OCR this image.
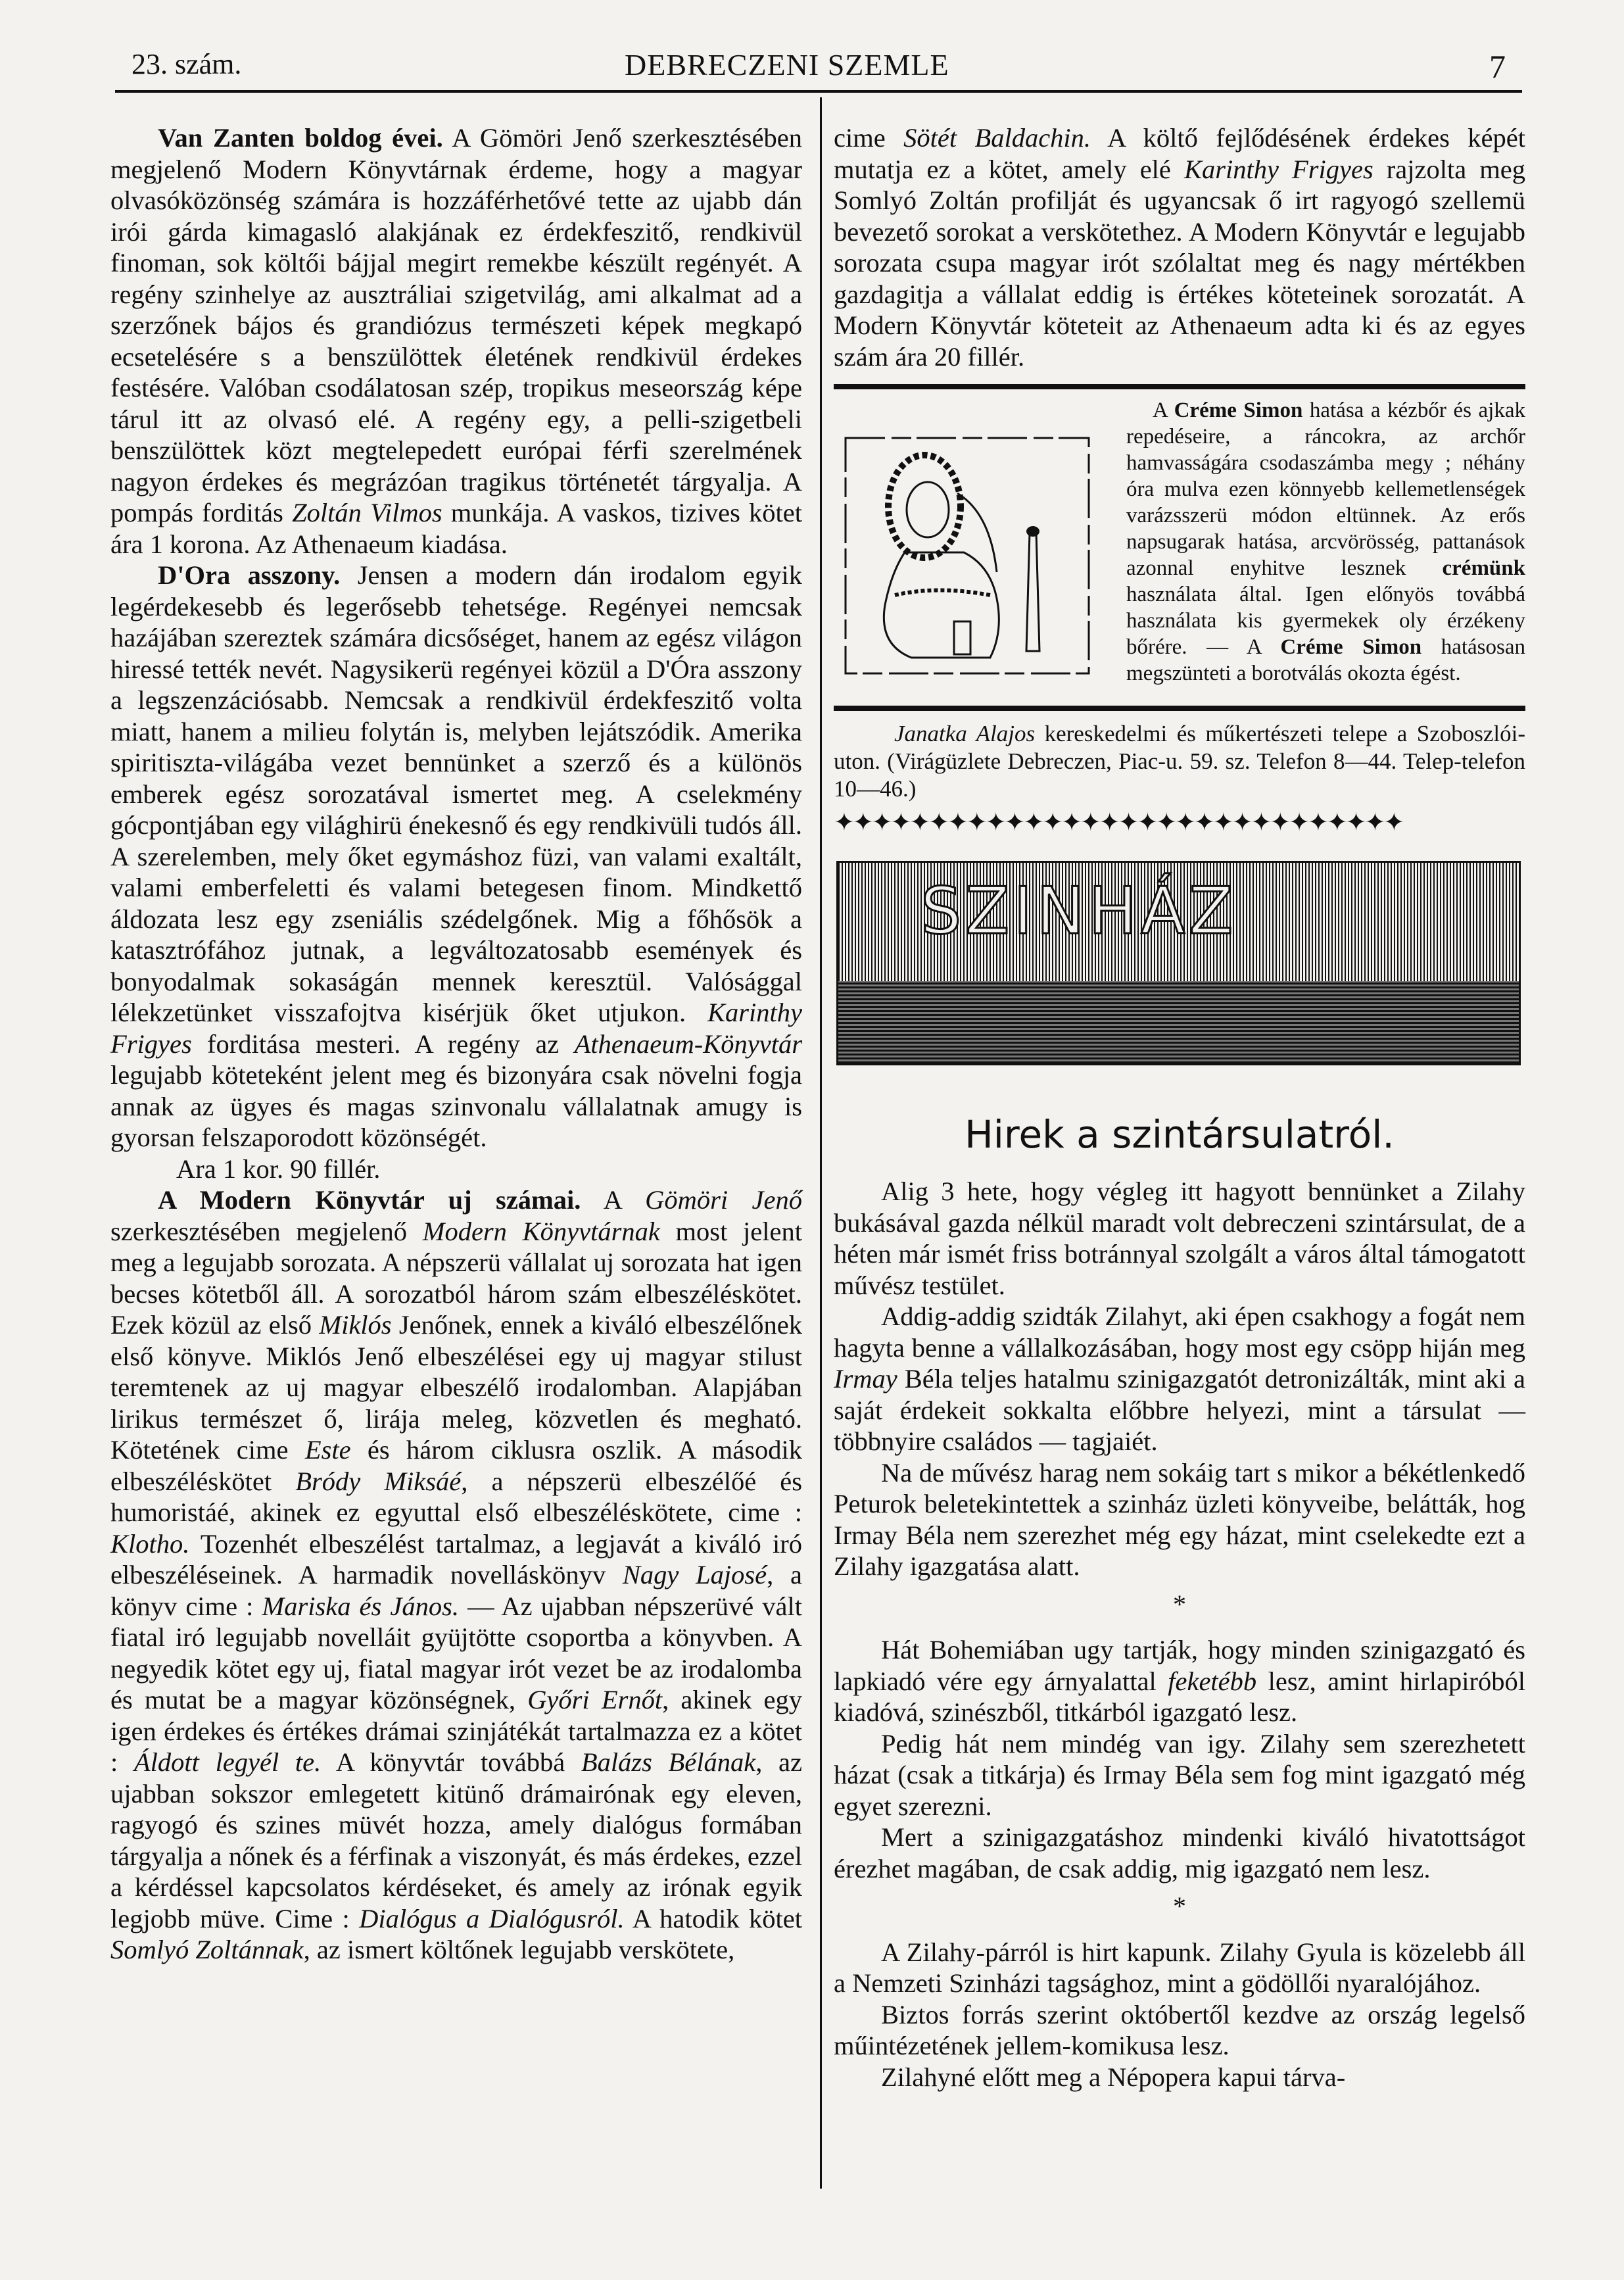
23. szám.	DEBRECZENI SZEMLE	7

Van Zanten boldog évei. A Gömöri Jenő szerkesztésében megjelenő Modern Könyvtárnak érdeme, hogy a magyar olvasóközönség számára is hozzáférhetővé tette az ujabb dán irói gárda kimagasló alakjának ez érdekfeszitő, rendkivül finoman, sok költői bájjal megirt remekbe készült regényét. A regény szinhelye az ausztráliai szigetvilág, ami alkalmat ad a szerzőnek bájos és grandiózus természeti képek megkapó ecsetelésére s a benszülöttek életének rendkivül érdekes festésére. Valóban csodálatosan szép, tropikus meseország képe tárul itt az olvasó elé. A regény egy, a pelli-szigetbeli benszülöttek közt megtelepedett európai férfi szerelmének nagyon érdekes és megrázóan tragikus történetét tárgyalja. A pompás forditás Zoltán Vilmos munkája. A vaskos, tizives kötet ára 1 korona. Az Athenaeum kiadása.

D'Ora asszony. Jensen a modern dán irodalom egyik legérdekesebb és legerősebb tehetsége. Regényei nemcsak hazájában szereztek számára dicsőséget, hanem az egész világon hiressé tették nevét. Nagysikerü regényei közül a D'Óra asszony a legszenzációsabb. Nemcsak a rendkivül érdekfeszitő volta miatt, hanem a milieu folytán is, melyben lejátszódik. Amerika spiritiszta-világába vezet bennünket a szerző és a különös emberek egész sorozatával ismertet meg. A cselekmény gócpontjában egy világhirü énekesnő és egy rendkivüli tudós áll. A szerelemben, mely őket egymáshoz füzi, van valami exaltált, valami emberfeletti és valami betegesen finom. Mindkettő áldozata lesz egy zseniális szédelgőnek. Mig a főhősök a katasztrófához jutnak, a legváltozatosabb események és bonyodalmak sokaságán mennek keresztül. Valósággal lélekzetünket visszafojtva kisérjük őket utjukon. Karinthy Frigyes forditása mesteri. A regény az Athenaeum-Könyvtár legujabb köteteként jelent meg és bizonyára csak növelni fogja annak az ügyes és magas szinvonalu vállalatnak amugy is gyorsan felszaporodott közönségét.

Ara 1 kor. 90 fillér.

A Modern Könyvtár uj számai. A Gömöri Jenő szerkesztésében megjelenő Modern Könyvtárnak most jelent meg a legujabb sorozata. A népszerü vállalat uj sorozata hat igen becses kötetből áll. A sorozatból három szám elbeszéléskötet. Ezek közül az első Miklós Jenőnek, ennek a kiváló elbeszélőnek első könyve. Miklós Jenő elbeszélései egy uj magyar stilust teremtenek az uj magyar elbeszélő irodalomban. Alapjában lirikus természet ő, lirája meleg, közvetlen és megható. Kötetének cime Este és három ciklusra oszlik. A második elbeszéléskötet Bródy Miksáé, a népszerü elbeszélőé és humoristáé, akinek ez egyuttal első elbeszéléskötete, cime : Klotho. Tozenhét elbeszélést tartalmaz, a legjavát a kiváló iró elbeszéléseinek. A harmadik novelláskönyv Nagy Lajosé, a könyv cime : Mariska és János. — Az ujabban népszerüvé vált fiatal iró legujabb novelláit gyüjtötte csoportba a könyvben. A negyedik kötet egy uj, fiatal magyar irót vezet be az irodalomba és mutat be a magyar közönségnek, Győri Ernőt, akinek egy igen érdekes és értékes drámai szinjátékát tartalmazza ez a kötet : Áldott legyél te. A könyvtár továbbá Balázs Bélának, az ujabban sokszor emlegetett kitünő drámairónak egy eleven, ragyogó és szines müvét hozza, amely dialógus formában tárgyalja a nőnek és a férfinak a viszonyát, és más érdekes, ezzel a kérdéssel kapcsolatos kérdéseket, és amely az irónak egyik legjobb müve. Cime : Dialógus a Dialógusról. A hatodik kötet Somlyó Zoltánnak, az ismert költőnek legujabb verskötete,

cime Sötét Baldachin. A költő fejlődésének érdekes képét mutatja ez a kötet, amely elé Karinthy Frigyes rajzolta meg Somlyó Zoltán profilját és ugyancsak ő irt ragyogó szellemü bevezető sorokat a verskötethez. A Modern Könyvtár e legujabb sorozata csupa magyar irót szólaltat meg és nagy mértékben gazdagitja a vállalat eddig is értékes köteteinek sorozatát. A Modern Könyvtár köteteit az Athenaeum adta ki és az egyes szám ára 20 fillér.

A Créme Simon hatása a kézbőr és ajkak repedéseire, a ráncokra, az archőr hamvasságára csodaszámba megy ; néhány óra mulva ezen könnyebb kellemetlenségek varázsszerü módon eltünnek. Az erős napsugarak hatása, arcvörösség, pattanások azonnal enyhitve lesznek crémünk használata által. Igen előnyös továbbá használata kis gyermekek oly érzékeny bőrére. — A Créme Simon hatásosan megszünteti a borotválás okozta égést.

Janatka Alajos kereskedelmi és műkertészeti telepe a Szoboszlói-uton. (Virágüzlete Debreczen, Piac-u. 59. sz. Telefon 8—44. Telep-telefon 10—46.)

✦✦✦✦✦✦✦✦✦✦✦✦✦✦✦✦✦✦✦✦✦✦✦✦✦✦✦✦✦✦
SZINHÁZ
Hirek a szintársulatról.

Alig 3 hete, hogy végleg itt hagyott bennünket a Zilahy bukásával gazda nélkül maradt volt debreczeni szintársulat, de a héten már ismét friss botránnyal szolgált a város által támogatott művész testület.

Addig-addig szidták Zilahyt, aki épen csakhogy a fogát nem hagyta benne a vállalkozásában, hogy most egy csöpp hiján meg Irmay Béla teljes hatalmu szinigazgatót detronizálták, mint aki a saját érdekeit sokkalta előbbre helyezi, mint a társulat — többnyire családos — tagjaiét.

Na de művész harag nem sokáig tart s mikor a békétlenkedő Peturok beletekintettek a szinház üzleti könyveibe, belátták, hog Irmay Béla nem szerezhet még egy házat, mint cselekedte ezt a Zilahy igazgatása alatt.

*

Hát Bohemiában ugy tartják, hogy minden szinigazgató és lapkiadó vére egy árnyalattal feketébb lesz, amint hirlapiróból kiadóvá, szinészből, titkárból igazgató lesz.

Pedig hát nem mindég van igy. Zilahy sem szerezhetett házat (csak a titkárja) és Irmay Béla sem fog mint igazgató még egyet szerezni.

Mert a szinigazgatáshoz mindenki kiváló hivatottságot érezhet magában, de csak addig, mig igazgató nem lesz.

*

A Zilahy-párról is hirt kapunk. Zilahy Gyula is közelebb áll a Nemzeti Szinházi tagsághoz, mint a gödöllői nyaralójához.

Biztos forrás szerint októbertől kezdve az ország legelső műintézetének jellem-komikusa lesz.

Zilahyné előtt meg a Népopera kapui tárva-
